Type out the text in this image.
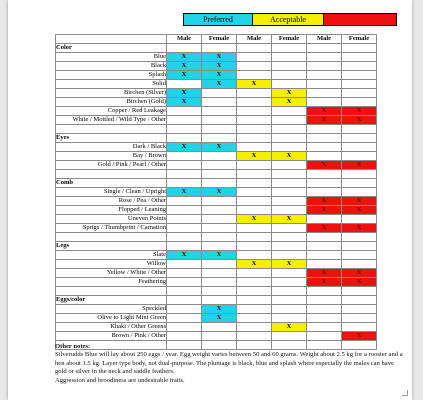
Preferred	Acceptable	Cull
	Male	Female	Male	Female	Male	Female
Color						
Blue	X	X				
Black	X	X				
Splash	X	X				
Solid		X	X			
Birchen (Silver)	X			X		
Birchen (Gold)	X			X		
Copper / Red Leakage					X	X
White / Mottled / Wild Type / Other					X	X

Eyes						
Dark / Black	X	X				
Bay / Brown			X	X		
Gold / Pink / Pearl / Other					X	X

Comb						
Single / Clean / Upright	X	X				
Rose / Pea / Other					X	X
Flopped / Leaning					X	X
Uneven Points			X	X		
Sprigs / Thumbprint / Carnation					X	X

Legs						
Slate	X	X				
Willow			X	X		
Yellow / White / Other					X	X
Feathering					X	X

Eggs/color						
Speckled		X				
Olive to Light Mint Green		X				
Khaki / Other Greens				X		
Brown / Pink / Other						X

Other notes:
Silverudds Blue will lay about 250 eggs / year. Egg weight varies between 50 and 60 grams. Weight about 2.5 kg for a rooster and a hen about 1.5 kg. Layer type body, not dual-purpose. The plumage is black, blue and splash where especially the males can have gold or silver in the neck and saddle feathers.
Aggression and broodiness are undesirable traits.
